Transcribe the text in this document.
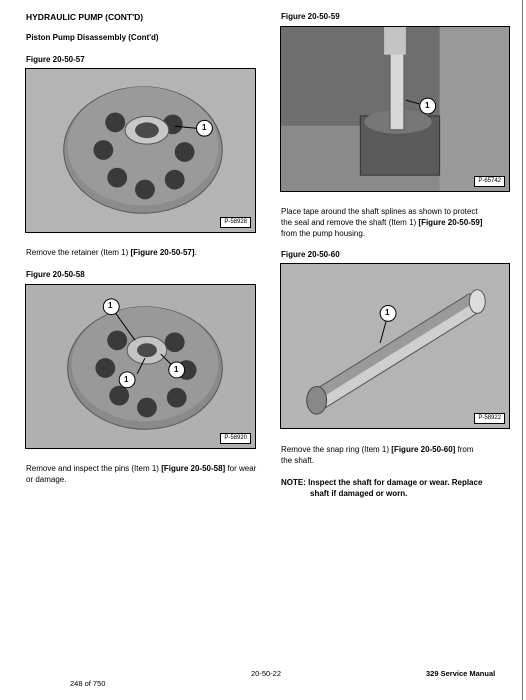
HYDRAULIC PUMP (CONT'D)
Piston Pump Disassembly (Cont'd)
Figure 20-50-57
1
P-58928
Remove the retainer (Item 1) [Figure 20-50-57].
Figure 20-50-58
1
1
1
P-58920
Remove and inspect the pins (Item 1) [Figure 20-50-58] for wear or damage.
Figure 20-50-59
1
P-65742
Place tape around the shaft splines as shown to protect
the seal and remove the shaft (Item 1) [Figure 20-50-59]
from the pump housing.
Figure 20-50-60
1
P-58922
Remove the snap ring (Item 1) [Figure 20-50-60] from
the shaft.
NOTE: Inspect the shaft for damage or wear. Replace
shaft if damaged or worn.
248 of 750
20-50-22	329 Service Manual
